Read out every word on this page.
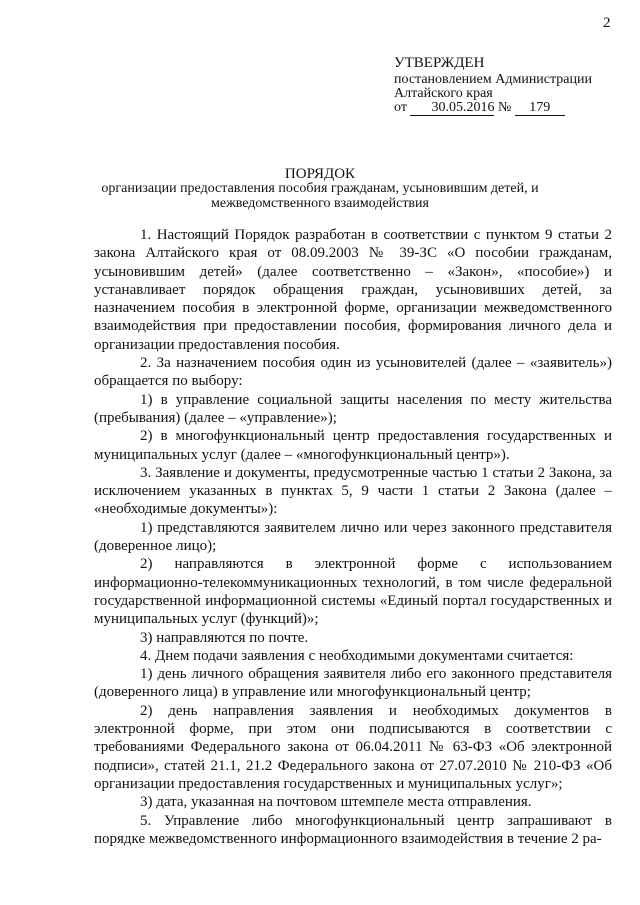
2
УТВЕРЖДЕН
постановлением Администрации
Алтайского края
от 30.05.2016 № 179
ПОРЯДОК
организации предоставления пособия гражданам, усыновившим детей, и межведомственного взаимодействия

1. Настоящий Порядок разработан в соответствии с пунктом 9 статьи 2 закона Алтайского края от 08.09.2003 № 39-ЗС «О пособии гражданам, усыновившим детей» (далее соответственно – «Закон», «пособие») и устанавливает порядок обращения граждан, усыновивших детей, за назначением пособия в электронной форме, организации межведомственного взаимодействия при предоставлении пособия, формирования личного дела и организации предоставления пособия.

2. За назначением пособия один из усыновителей (далее – «заявитель») обращается по выбору:

1) в управление социальной защиты населения по месту жительства (пребывания) (далее – «управление»);

2) в многофункциональный центр предоставления государственных и муниципальных услуг (далее – «многофункциональный центр»).

3. Заявление и документы, предусмотренные частью 1 статьи 2 Закона, за исключением указанных в пунктах 5, 9 части 1 статьи 2 Закона (далее – «необходимые документы»):

1) представляются заявителем лично или через законного представителя (доверенное лицо);

2) направляются в электронной форме с использованием информационно-телекоммуникационных технологий, в том числе федеральной государственной информационной системы «Единый портал государственных и муниципальных услуг (функций)»;

3) направляются по почте.

4. Днем подачи заявления с необходимыми документами считается:

1) день личного обращения заявителя либо его законного представителя (доверенного лица) в управление или многофункциональный центр;

2) день направления заявления и необходимых документов в электронной форме, при этом они подписываются в соответствии с требованиями Федерального закона от 06.04.2011 № 63-ФЗ «Об электронной подписи», статей 21.1, 21.2 Федерального закона от 27.07.2010 № 210-ФЗ «Об организации предоставления государственных и муниципальных услуг»;

3) дата, указанная на почтовом штемпеле места отправления.

5. Управление либо многофункциональный центр запрашивают в порядке межведомственного информационного взаимодействия в течение 2 ра-
